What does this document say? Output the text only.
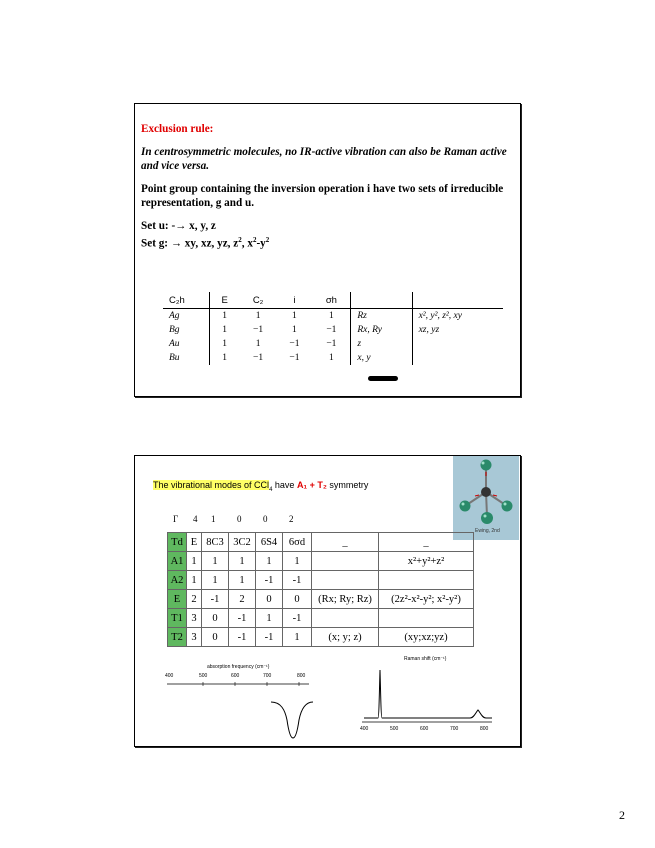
Exclusion rule:

In centrosymmetric molecules, no IR-active vibration can also be Raman active and vice versa.

Point group containing the inversion operation i have two sets of irreducible representation, g and u.

Set u: -→ x, y, z
Set g: → xy, xz, yz, $z^2$, $x^2-y^2$
C₂h	E	C₂	i	σh		
Ag	1	1	1	1	Rz	x², y², z², xy
Bg	1	−1	1	−1	Rx, Ry	xz, yz
Au	1	1	−1	−1	z	
Bu	1	−1	−1	1	x, y	
The vibrational modes of CCl$_4$ have A₁ + T₂ symmetry
Ewing, 2nd
Γ 4 1 0 0 2
Td	E	8C3	3C2	6S4	6σd	_	_
A1	1	1	1	1	1		x²+y²+z²
A2	1	1	1	-1	-1		
E	2	-1	2	0	0	(Rx; Ry; Rz)	(2z²-x²-y²; x²-y²)
T1	3	0	-1	1	-1		
T2	3	0	-1	-1	1	(x; y; z)	(xy;xz;yz)
absorption frequency (cm⁻¹)
400	500	600	700	800
Raman shift (cm⁻¹)
400	500	600	700	800
2
